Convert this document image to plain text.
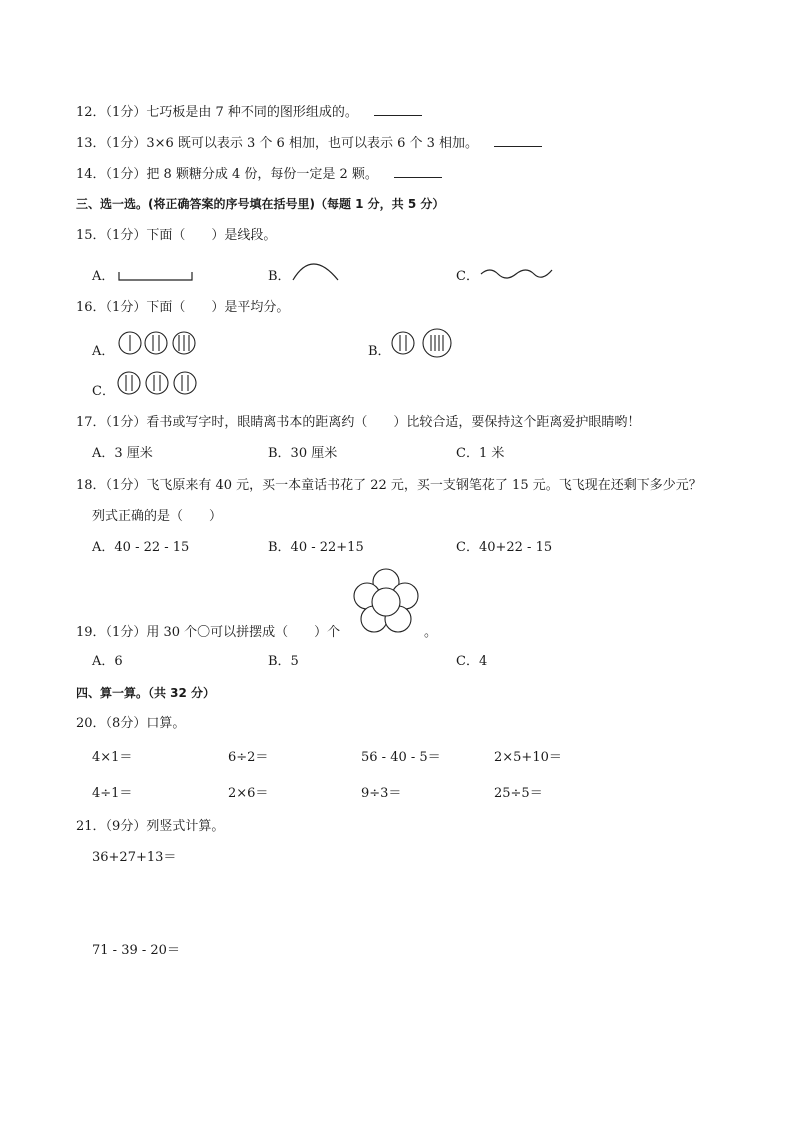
12．（1分）七巧板是由 7 种不同的图形组成的。
13．（1分）3×6 既可以表示 3 个 6 相加，也可以表示 6 个 3 相加。
14．（1分）把 8 颗糖分成 4 份，每份一定是 2 颗。
三、选一选。(将正确答案的序号填在括号里)（每题 1 分，共 5 分）
15．（1分）下面（　　）是线段。
A．	B．	C．
16．（1分）下面（　　）是平均分。
A．	B．
C．
17．（1分）看书或写字时，眼睛离书本的距离约（　　）比较合适，要保持这个距离爱护眼睛哟！
A．3 厘米	B．30 厘米	C．1 米
18．（1分）飞飞原来有 40 元，买一本童话书花了 22 元，买一支钢笔花了 15 元。飞飞现在还剩下多少元？
列式正确的是（　　）
A．40 - 22 - 15	B．40 - 22+15	C．40+22 - 15
19．（1分）用 30 个〇可以拼摆成（　　）个	。
A．6	B．5	C．4
四、算一算。（共 32 分）
20．（8分）口算。
4×1＝	6÷2＝	56 - 40 - 5＝	2×5+10＝
4÷1＝	2×6＝	9÷3＝	25÷5＝
21．（9分）列竖式计算。
36+27+13＝
71 - 39 - 20＝
